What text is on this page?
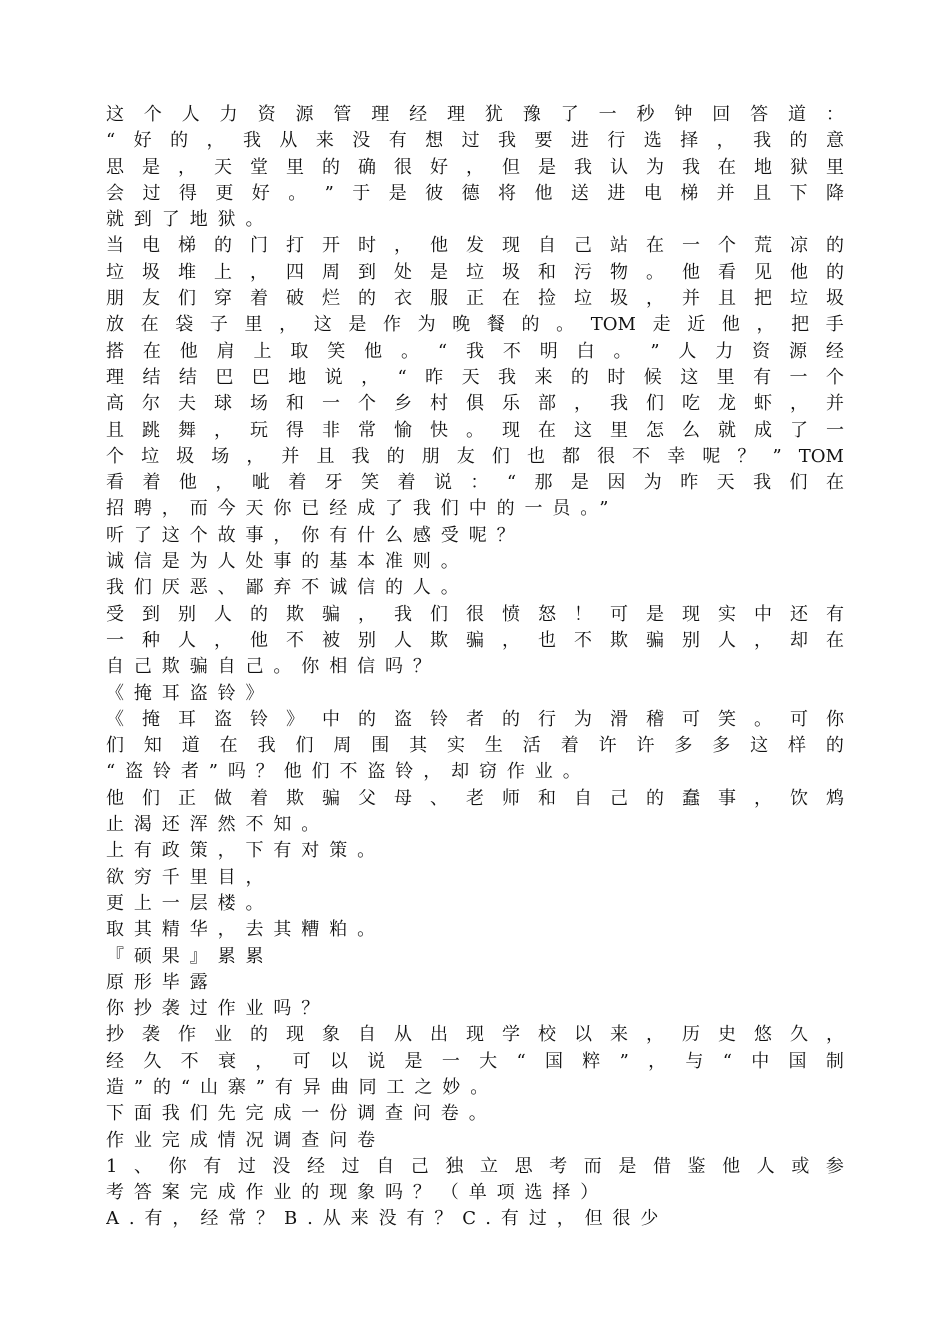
这 个 人 力 资 源 管 理 经 理 犹 豫 了 一 秒 钟 回 答 道 ：
“ 好 的 ， 我 从 来 没 有 想 过 我 要 进 行 选 择 ， 我 的 意
思 是 ， 天 堂 里 的 确 很 好 ， 但 是 我 认 为 我 在 地 狱 里
会 过 得 更 好 。 ” 于 是 彼 德 将 他 送 进 电 梯 并 且 下 降
就到了地狱。
当 电 梯 的 门 打 开 时 ， 他 发 现 自 己 站 在 一 个 荒 凉 的
垃 圾 堆 上 ， 四 周 到 处 是 垃 圾 和 污 物 。 他 看 见 他 的
朋 友 们 穿 着 破 烂 的 衣 服 正 在 捡 垃 圾 ， 并 且 把 垃 圾
放 在 袋 子 里 ， 这 是 作 为 晚 餐 的 。 TOM 走 近 他 ， 把 手
搭 在 他 肩 上 取 笑 他 。 “ 我 不 明 白 。 ” 人 力 资 源 经
理 结 结 巴 巴 地 说 ， “ 昨 天 我 来 的 时 候 这 里 有 一 个
高 尔 夫 球 场 和 一 个 乡 村 俱 乐 部 ， 我 们 吃 龙 虾 ， 并
且 跳 舞 ， 玩 得 非 常 愉 快 。 现 在 这 里 怎 么 就 成 了 一
个 垃 圾 场 ， 并 且 我 的 朋 友 们 也 都 很 不 幸 呢 ？ ” TOM
看 着 他 ， 呲 着 牙 笑 着 说 ： “ 那 是 因 为 昨 天 我 们 在
招聘，而今天你已经成了我们中的一员。”
听了这个故事，你有什么感受呢？
诚信是为人处事的基本准则。
我们厌恶、鄙弃不诚信的人。
受 到 别 人 的 欺 骗 ， 我 们 很 愤 怒 ！ 可 是 现 实 中 还 有
一 种 人 ， 他 不 被 别 人 欺 骗 ， 也 不 欺 骗 别 人 ， 却 在
自己欺骗自己。你相信吗？
《掩耳盗铃》
《 掩 耳 盗 铃 》 中 的 盗 铃 者 的 行 为 滑 稽 可 笑 。 可 你
们 知 道 在 我 们 周 围 其 实 生 活 着 许 许 多 多 这 样 的
“盗铃者”吗？他们不盗铃，却窃作业。
他 们 正 做 着 欺 骗 父 母 、 老 师 和 自 己 的 蠢 事 ， 饮 鸩
止渴还浑然不知。
上有政策，下有对策。
欲穷千里目，
更上一层楼。
取其精华，去其糟粕。
『硕果』累累
原形毕露
你抄袭过作业吗？
抄 袭 作 业 的 现 象 自 从 出 现 学 校 以 来 ， 历 史 悠 久 ，
经 久 不 衰 ， 可 以 说 是 一 大 “ 国 粹 ” ， 与 “ 中 国 制
造”的“山寨”有异曲同工之妙。
下面我们先完成一份调查问卷。
作业完成情况调查问卷
1 、 你 有 过 没 经 过 自 己 独 立 思 考 而 是 借 鉴 他 人 或 参
考答案完成作业的现象吗？（单项选择）
A.有，经常？B.从来没有？C.有过，但很少
